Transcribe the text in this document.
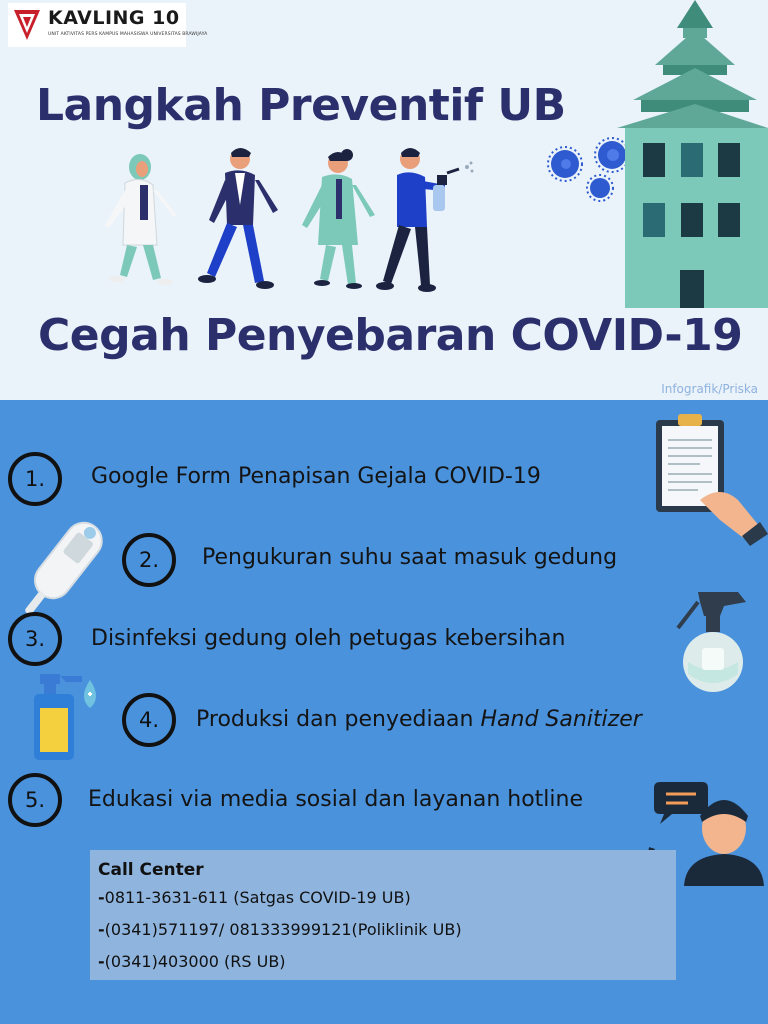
KAVLING 10
UNIT AKTIVITAS PERS KAMPUS MAHASISWA UNIVERSITAS BRAWIJAYA
Langkah Preventif UB
Cegah Penyebaran COVID-19
Infografik/Priska
1.	Google Form Penapisan Gejala COVID-19
2.	Pengukuran suhu saat masuk gedung
3.	Disinfeksi gedung oleh petugas kebersihan
4.	Produksi dan penyediaan Hand Sanitizer
5.	Edukasi via media sosial dan layanan hotline
Call Center
-0811-3631-611 (Satgas COVID-19 UB)
-(0341)571197/ 081333999121(Poliklinik UB)
-(0341)403000 (RS UB)
